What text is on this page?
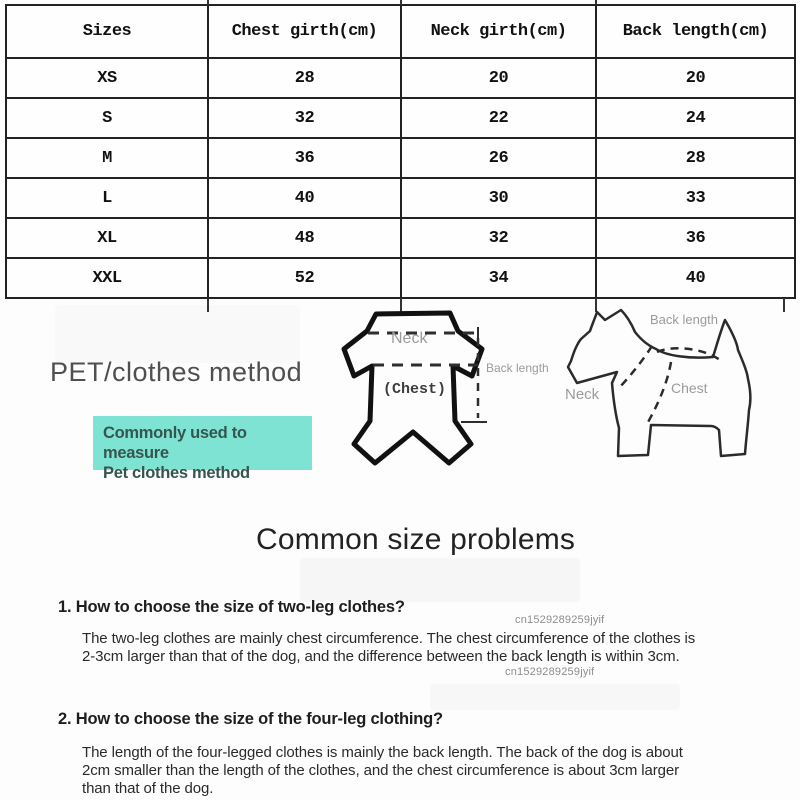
Sizes	Chest girth(cm)	Neck girth(cm)	Back length(cm)
XS	28	20	20
S	32	22	24
M	36	26	28
L	40	30	33
XL	48	32	36
XXL	52	34	40
PET/clothes method
Commonly used to measure
Pet clothes method
Neck
(Chest)
Back length
Back length
Neck	Chest
Common size problems
1. How to choose the size of two-leg clothes?
cn1529289259jyif
The two-leg clothes are mainly chest circumference. The chest circumference of the clothes is 2-3cm larger than that of the dog, and the difference between the back length is within 3cm.
cn1529289259jyif
2. How to choose the size of the four-leg clothing?
The length of the four-legged clothes is mainly the back length. The back of the dog is about 2cm smaller than the length of the clothes, and the chest circumference is about 3cm larger than that of the dog.
